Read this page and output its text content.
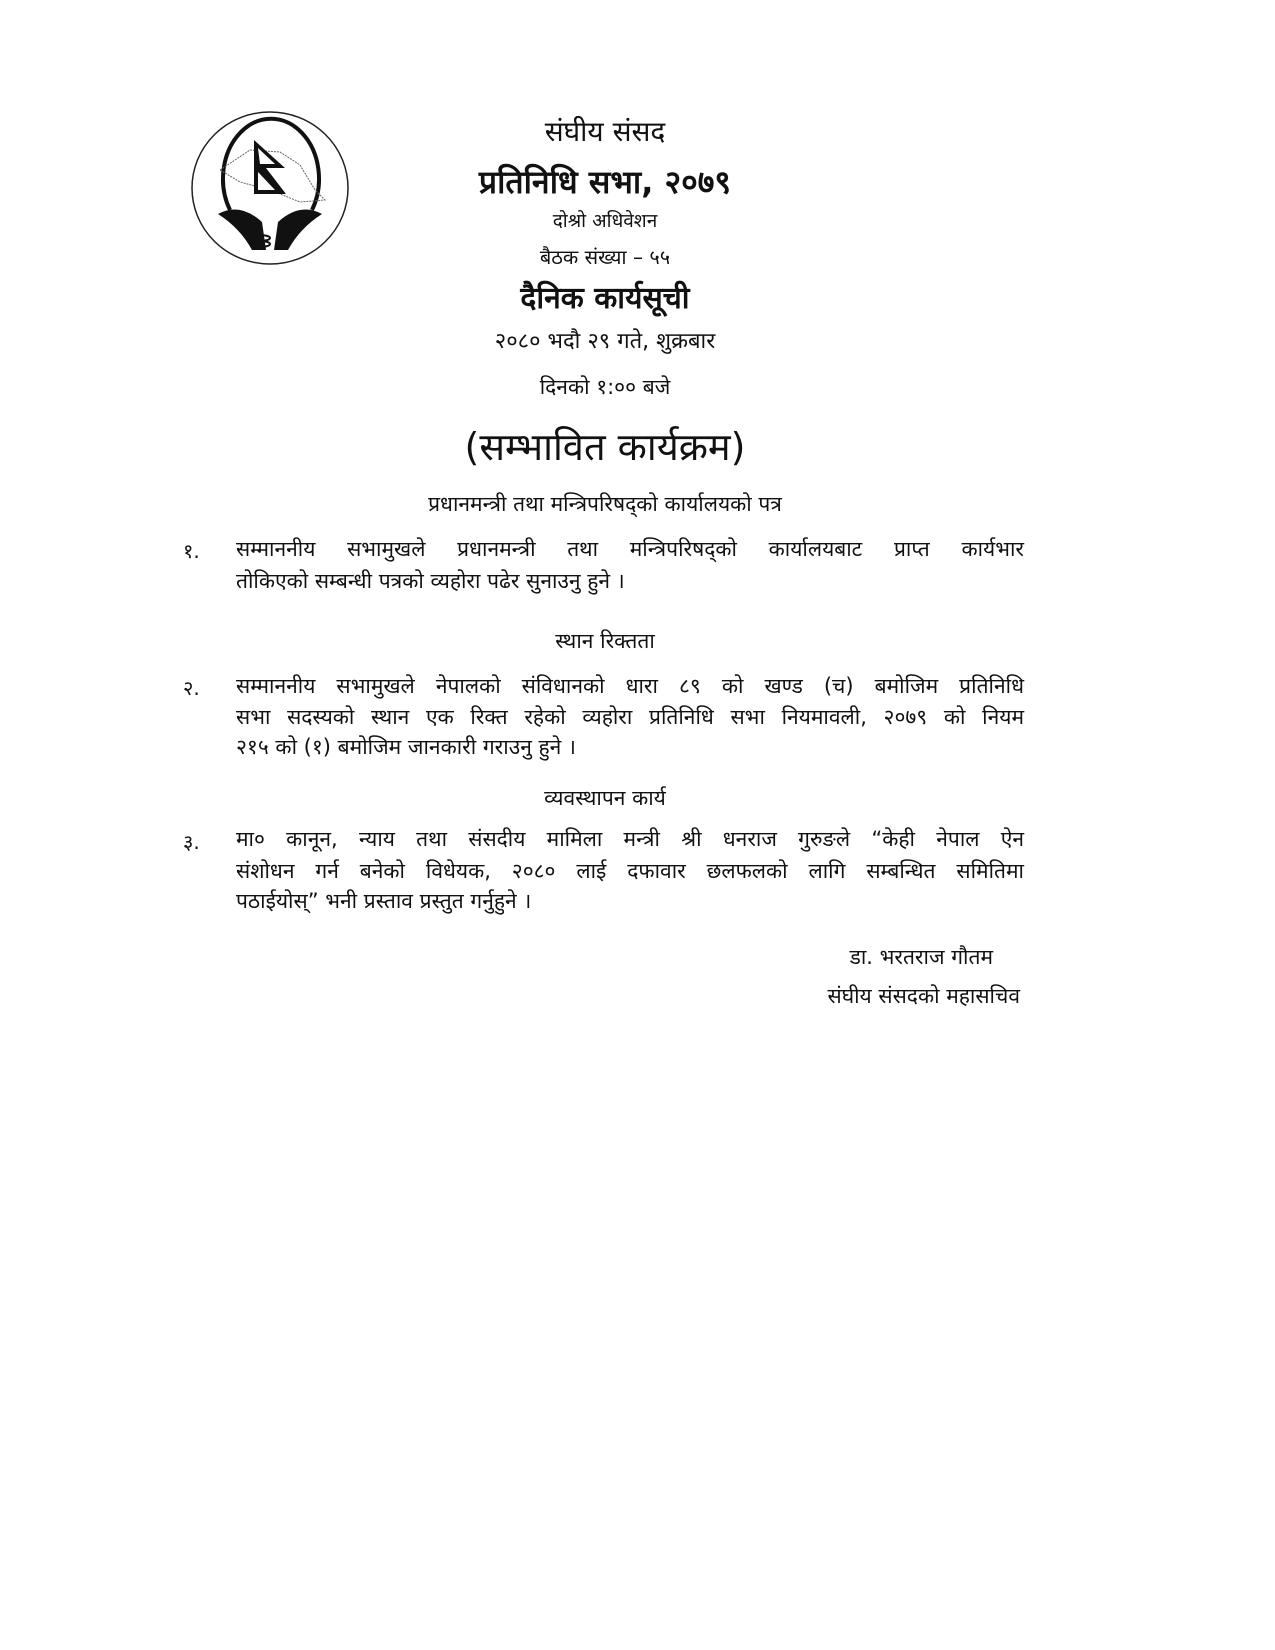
संघीय संसद
प्रतिनिधि सभा, २०७९
दोश्रो अधिवेशन
बैठक संख्या – ५५
दैनिक कार्यसूची
२०८० भदौ २९ गते, शुक्रबार
दिनको १:०० बजे
(सम्भावित कार्यक्रम)
प्रधानमन्त्री तथा मन्त्रिपरिषद्को कार्यालयको पत्र
१. सम्माननीय सभामुखले प्रधानमन्त्री तथा मन्त्रिपरिषद्को कार्यालयबाट प्राप्त कार्यभार
तोकिएको सम्बन्धी पत्रको व्यहोरा पढेर सुनाउनु हुने ।
स्थान रिक्तता
२. सम्माननीय सभामुखले नेपालको संविधानको धारा ८९ को खण्ड (च) बमोजिम प्रतिनिधि
सभा सदस्यको स्थान एक रिक्त रहेको व्यहोरा प्रतिनिधि सभा नियमावली, २०७९ को नियम
२१५ को (१) बमोजिम जानकारी गराउनु हुने ।
व्यवस्थापन कार्य
३. मा० कानून, न्याय तथा संसदीय मामिला मन्त्री श्री धनराज गुरुङले “केही नेपाल ऐन
संशोधन गर्न बनेको विधेयक, २०८० लाई दफावार छलफलको लागि सम्बन्धित समितिमा
पठाईयोस्” भनी प्रस्ताव प्रस्तुत गर्नुहुने ।
डा. भरतराज गौतम
संघीय संसदको महासचिव
